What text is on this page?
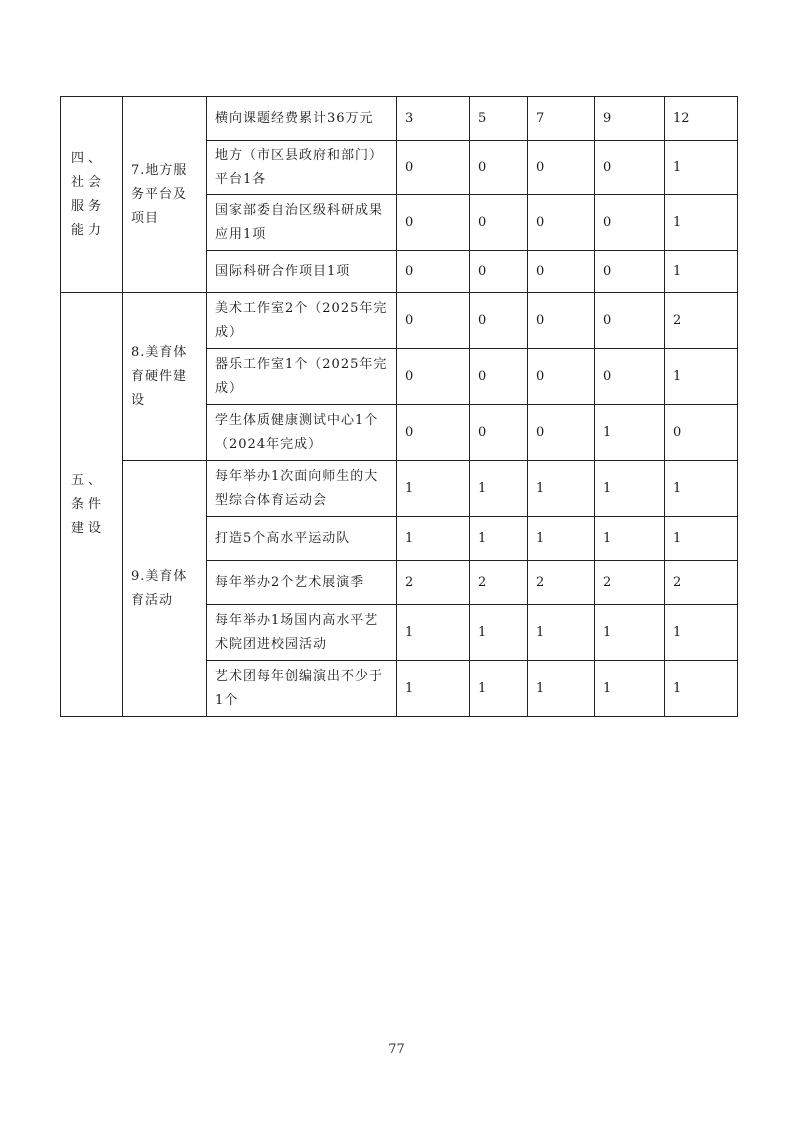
四、社会服务能力	7.地方服务平台及项目	横向课题经费累计36万元	3	5	7	9	12
		地方（市区县政府和部门）平台1各	0	0	0	0	1
		国家部委自治区级科研成果应用1项	0	0	0	0	1
		国际科研合作项目1项	0	0	0	0	1
五、条件建设	8.美育体育硬件建设	美术工作室2个（2025年完成）	0	0	0	0	2
		器乐工作室1个（2025年完成）	0	0	0	0	1
		学生体质健康测试中心1个（2024年完成）	0	0	0	1	0
	9.美育体育活动	每年举办1次面向师生的大型综合体育运动会	1	1	1	1	1
		打造5个高水平运动队	1	1	1	1	1
		每年举办2个艺术展演季	2	2	2	2	2
		每年举办1场国内高水平艺术院团进校园活动	1	1	1	1	1
		艺术团每年创编演出不少于1个	1	1	1	1	1
77
